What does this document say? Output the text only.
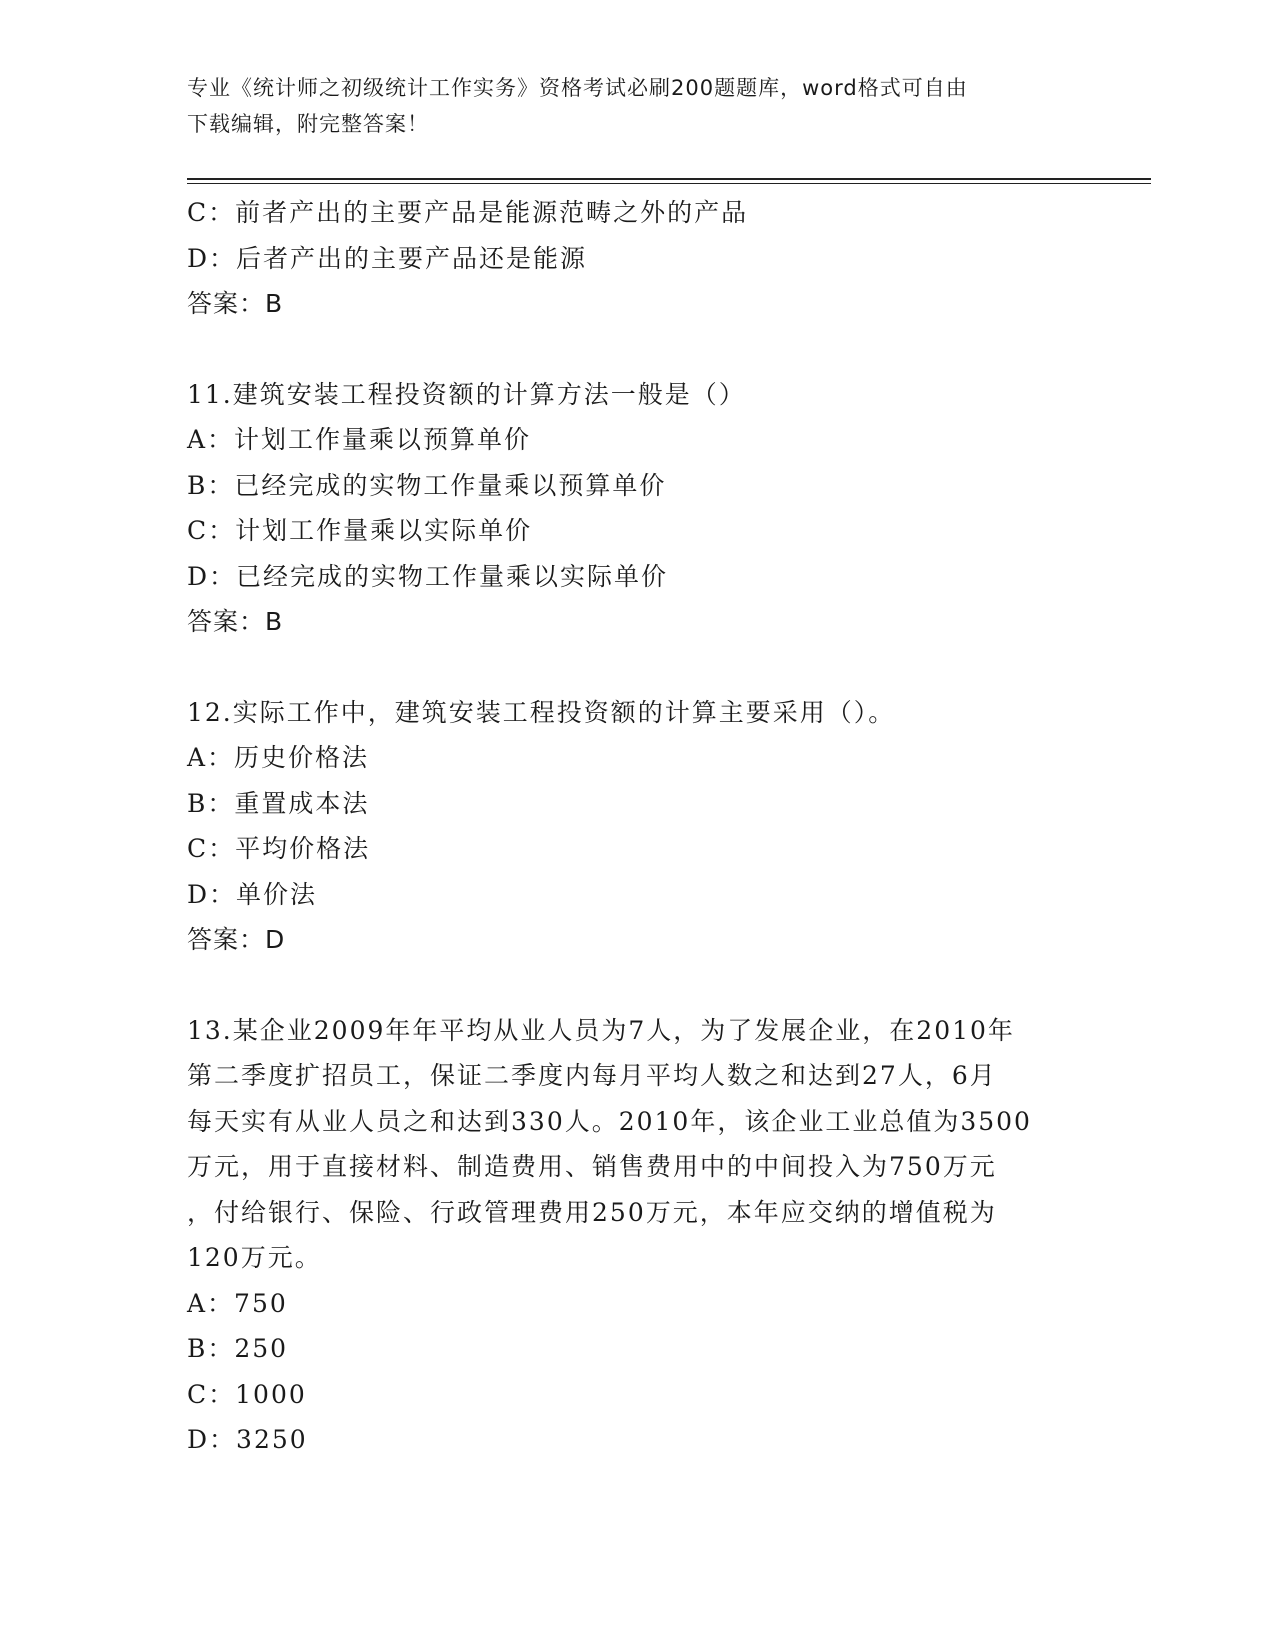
专业《统计师之初级统计工作实务》资格考试必刷200题题库，word格式可自由
下载编辑，附完整答案！
C：前者产出的主要产品是能源范畴之外的产品
D：后者产出的主要产品还是能源
答案：B
11.建筑安装工程投资额的计算方法一般是（）
A：计划工作量乘以预算单价
B：已经完成的实物工作量乘以预算单价
C：计划工作量乘以实际单价
D：已经完成的实物工作量乘以实际单价
答案：B
12.实际工作中，建筑安装工程投资额的计算主要采用（）。
A：历史价格法
B：重置成本法
C：平均价格法
D：单价法
答案：D
13.某企业2009年年平均从业人员为7人，为了发展企业，在2010年
第二季度扩招员工，保证二季度内每月平均人数之和达到27人，6月
每天实有从业人员之和达到330人。2010年，该企业工业总值为3500
万元，用于直接材料、制造费用、销售费用中的中间投入为750万元
，付给银行、保险、行政管理费用250万元，本年应交纳的增值税为
120万元。
A：750
B：250
C：1000
D：3250
